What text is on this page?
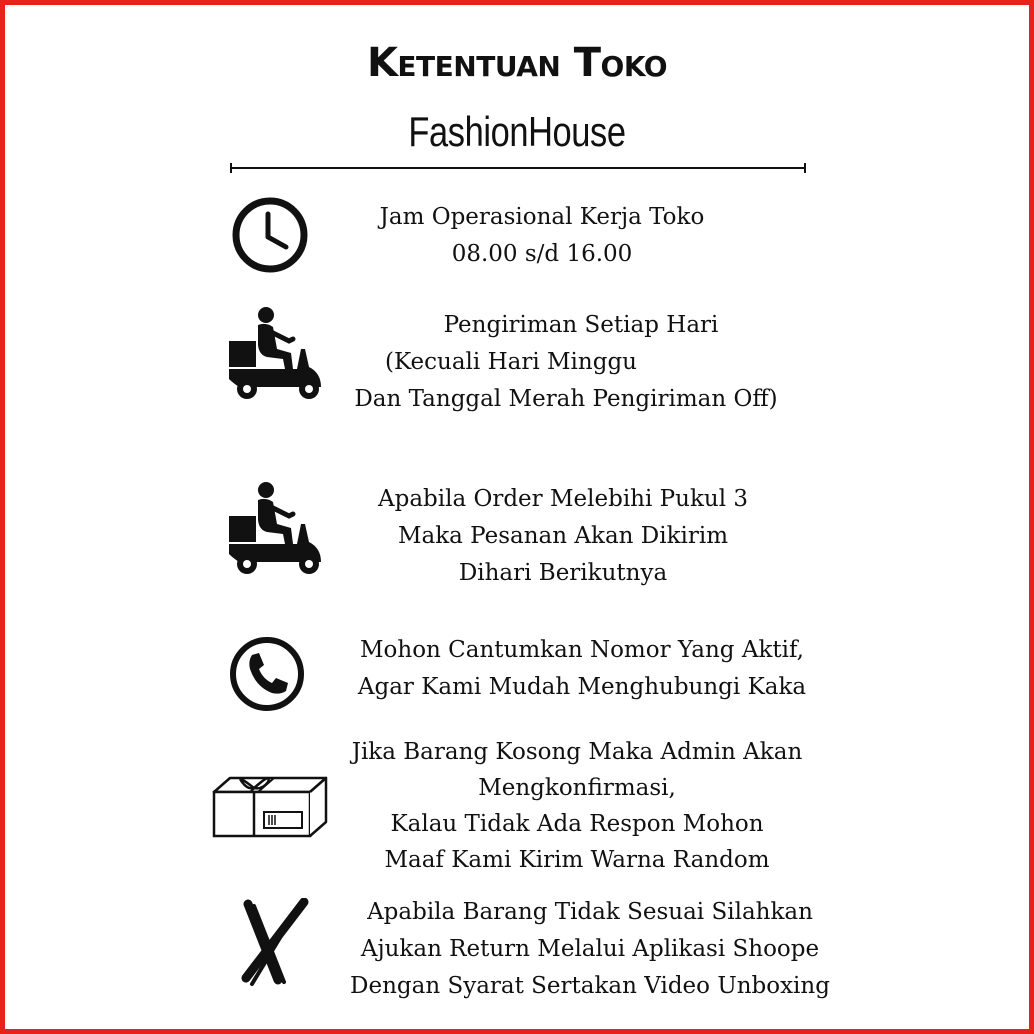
Ketentuan Toko
FashionHouse
Jam Operasional Kerja Toko
08.00 s/d 16.00
Pengiriman Setiap Hari
(Kecuali Hari Minggu
Dan Tanggal Merah Pengiriman Off)
Apabila Order Melebihi Pukul 3
Maka Pesanan Akan Dikirim
Dihari Berikutnya
Mohon Cantumkan Nomor Yang Aktif,
Agar Kami Mudah Menghubungi Kaka
Jika Barang Kosong Maka Admin Akan
Mengkonfirmasi,
Kalau Tidak Ada Respon Mohon
Maaf Kami Kirim Warna Random
Apabila Barang Tidak Sesuai Silahkan
Ajukan Return Melalui Aplikasi Shoope
Dengan Syarat Sertakan Video Unboxing
